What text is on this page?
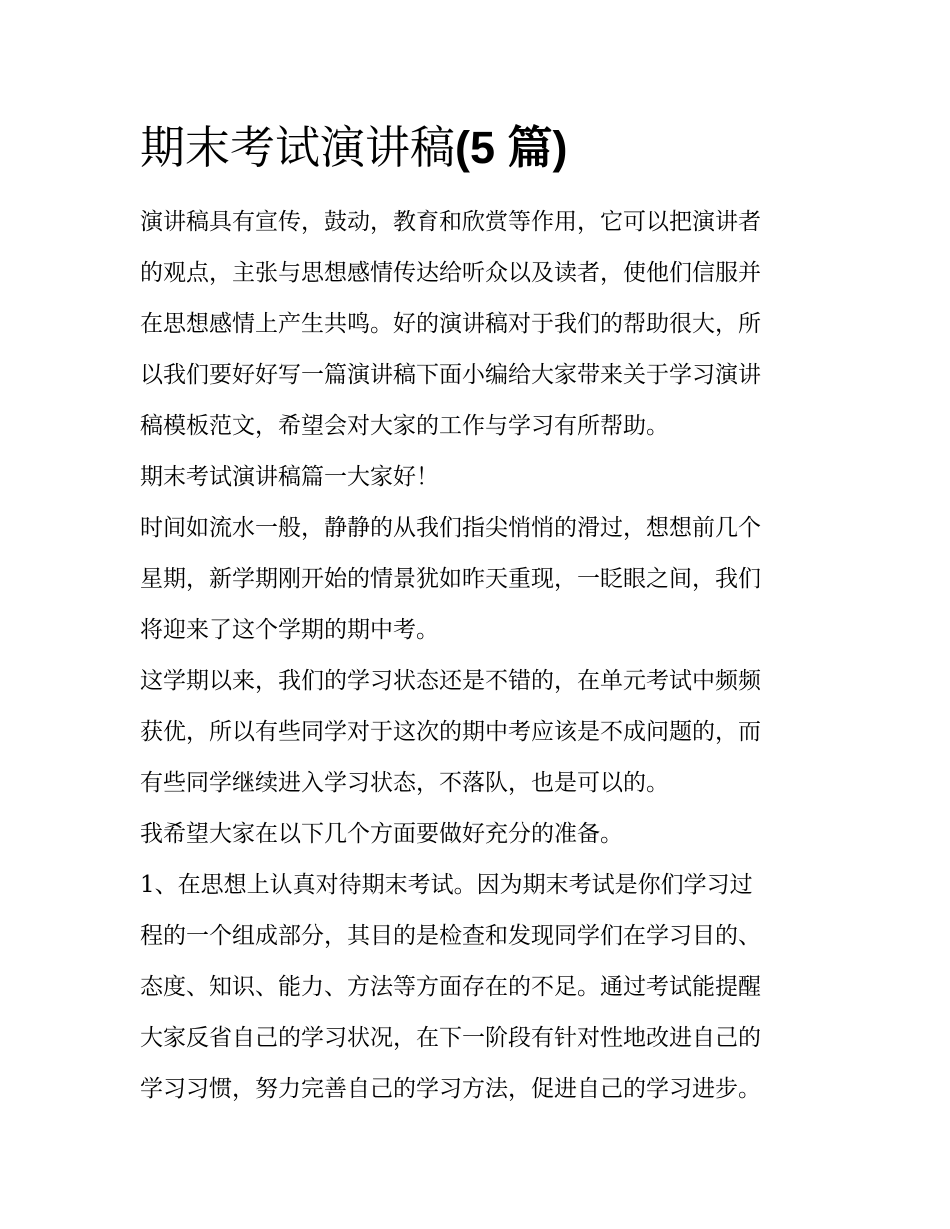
期末考试演讲稿(5 篇)
演讲稿具有宣传，鼓动，教育和欣赏等作用，它可以把演讲者
的观点，主张与思想感情传达给听众以及读者，使他们信服并
在思想感情上产生共鸣。好的演讲稿对于我们的帮助很大，所
以我们要好好写一篇演讲稿下面小编给大家带来关于学习演讲
稿模板范文，希望会对大家的工作与学习有所帮助。
期末考试演讲稿篇一大家好！
时间如流水一般，静静的从我们指尖悄悄的滑过，想想前几个
星期，新学期刚开始的情景犹如昨天重现，一眨眼之间，我们
将迎来了这个学期的期中考。
这学期以来，我们的学习状态还是不错的，在单元考试中频频
获优，所以有些同学对于这次的期中考应该是不成问题的，而
有些同学继续进入学习状态，不落队，也是可以的。
我希望大家在以下几个方面要做好充分的准备。
1、在思想上认真对待期末考试。因为期末考试是你们学习过
程的一个组成部分，其目的是检查和发现同学们在学习目的、
态度、知识、能力、方法等方面存在的不足。通过考试能提醒
大家反省自己的学习状况，在下一阶段有针对性地改进自己的
学习习惯，努力完善自己的学习方法，促进自己的学习进步。
